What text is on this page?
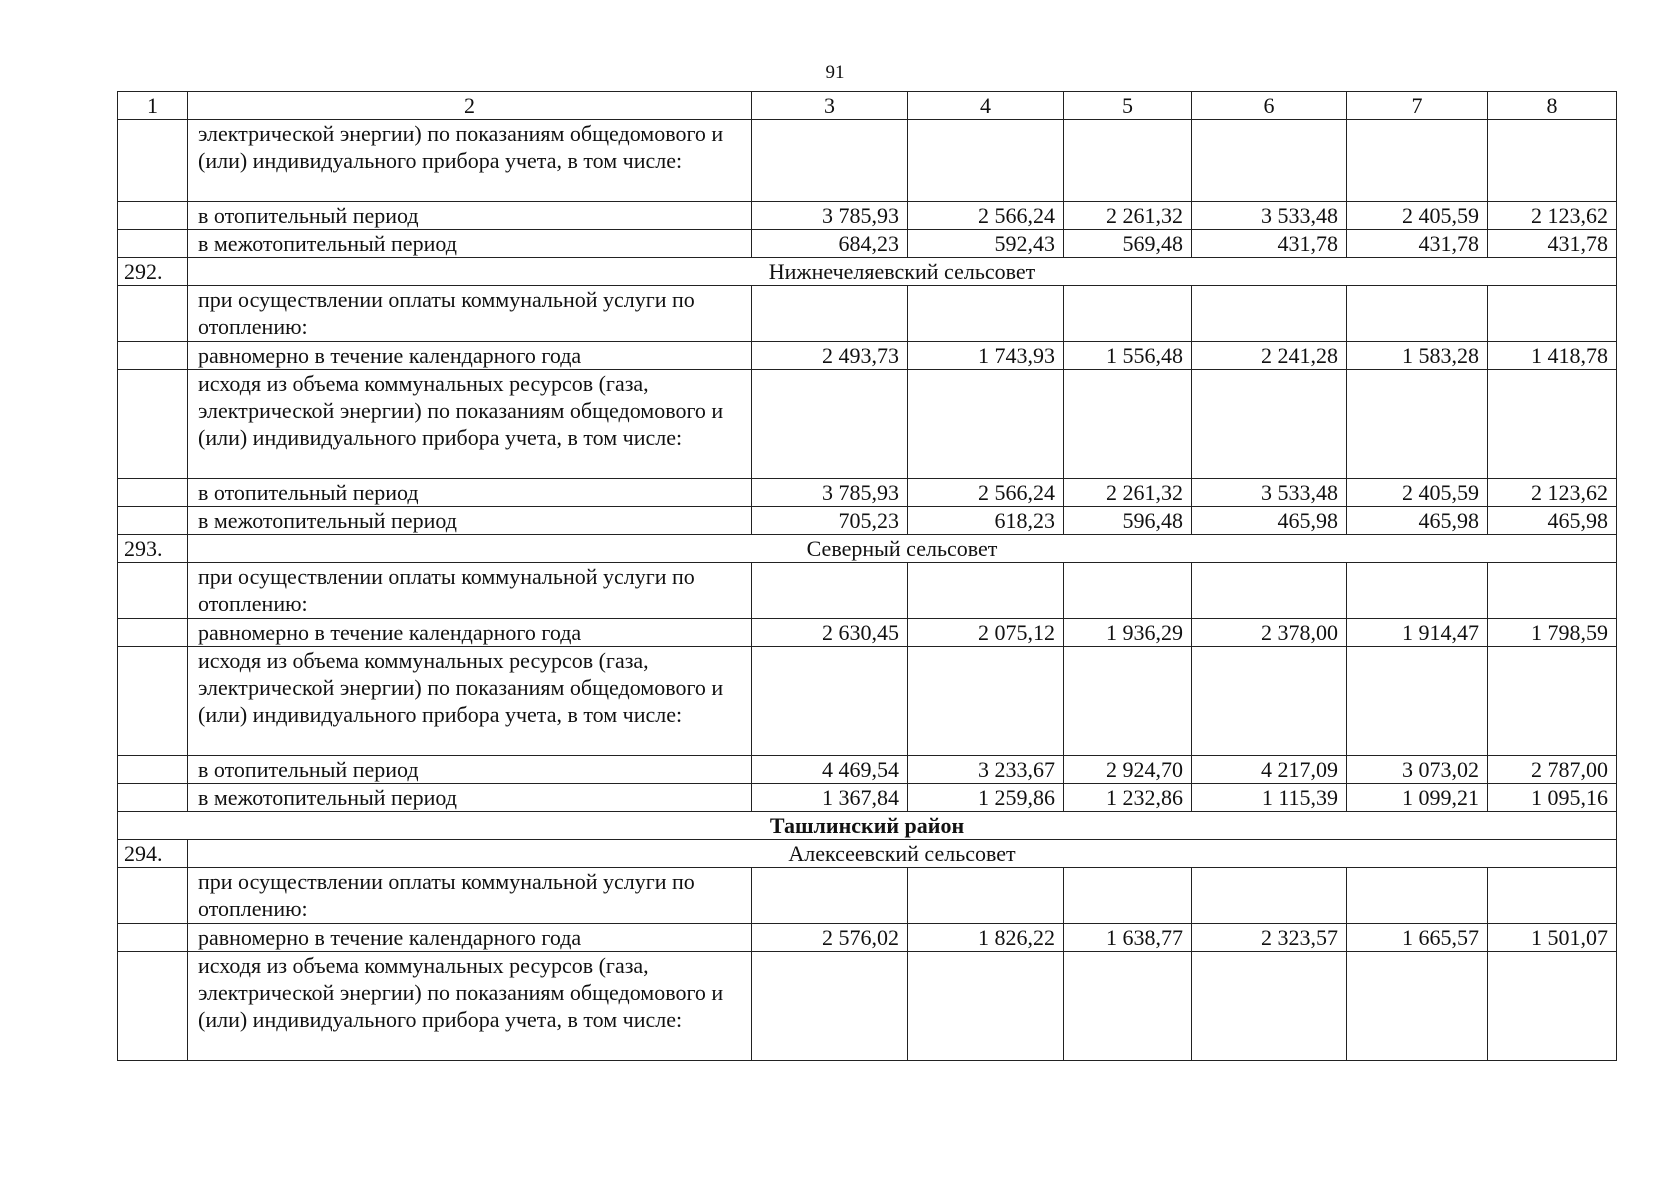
91
1	2	3	4	5	6	7	8
	электрической энергии) по показаниям общедомового и (или) индивидуального прибора учета, в том числе:						
	в отопительный период	3 785,93	2 566,24	2 261,32	3 533,48	2 405,59	2 123,62
	в межотопительный период	684,23	592,43	569,48	431,78	431,78	431,78
292.	Нижнечеляевский сельсовет						
	при осуществлении оплаты коммунальной услуги по отоплению:						
	равномерно в течение календарного года	2 493,73	1 743,93	1 556,48	2 241,28	1 583,28	1 418,78
	исходя из объема коммунальных ресурсов (газа, электрической энергии) по показаниям общедомового и (или) индивидуального прибора учета, в том числе:						
	в отопительный период	3 785,93	2 566,24	2 261,32	3 533,48	2 405,59	2 123,62
	в межотопительный период	705,23	618,23	596,48	465,98	465,98	465,98
293.	Северный сельсовет						
	при осуществлении оплаты коммунальной услуги по отоплению:						
	равномерно в течение календарного года	2 630,45	2 075,12	1 936,29	2 378,00	1 914,47	1 798,59
	исходя из объема коммунальных ресурсов (газа, электрической энергии) по показаниям общедомового и (или) индивидуального прибора учета, в том числе:						
	в отопительный период	4 469,54	3 233,67	2 924,70	4 217,09	3 073,02	2 787,00
	в межотопительный период	1 367,84	1 259,86	1 232,86	1 115,39	1 099,21	1 095,16
Ташлинский район							
294.	Алексеевский сельсовет						
	при осуществлении оплаты коммунальной услуги по отоплению:						
	равномерно в течение календарного года	2 576,02	1 826,22	1 638,77	2 323,57	1 665,57	1 501,07
	исходя из объема коммунальных ресурсов (газа, электрической энергии) по показаниям общедомового и (или) индивидуального прибора учета, в том числе:						
